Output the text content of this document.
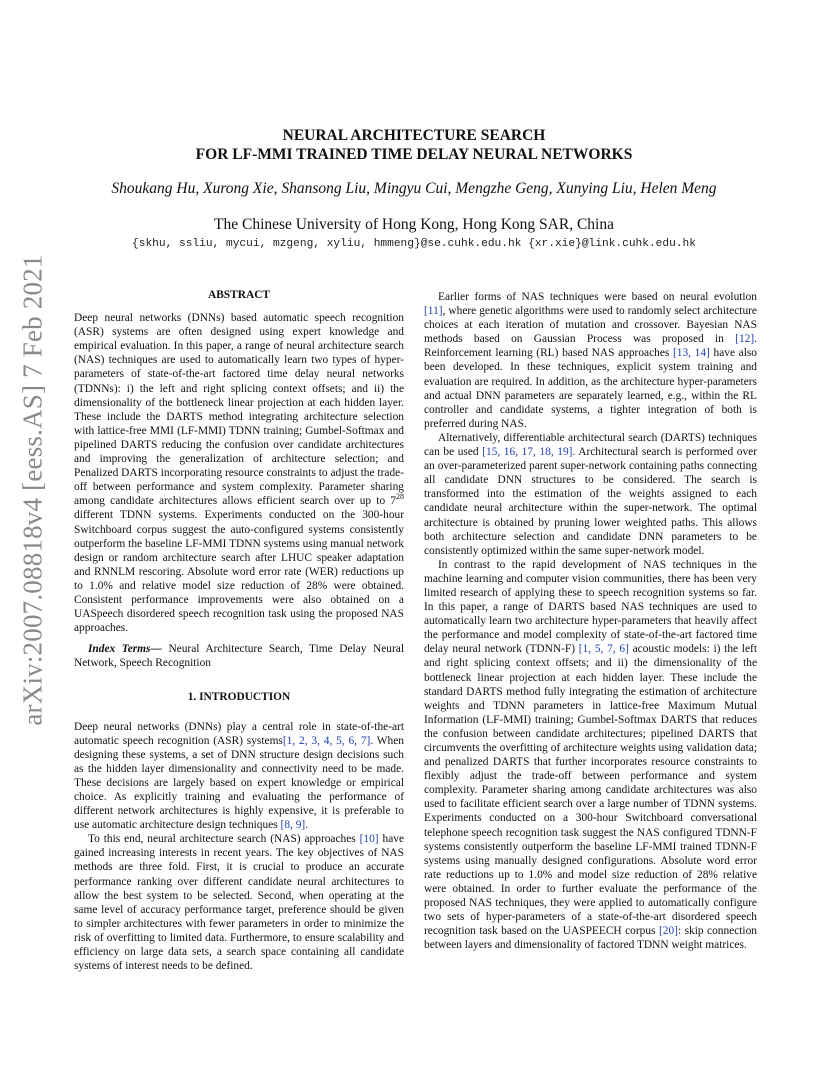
arXiv:2007.08818v4 [eess.AS] 7 Feb 2021
NEURAL ARCHITECTURE SEARCH
FOR LF-MMI TRAINED TIME DELAY NEURAL NETWORKS
Shoukang Hu, Xurong Xie, Shansong Liu, Mingyu Cui, Mengzhe Geng, Xunying Liu, Helen Meng
The Chinese University of Hong Kong, Hong Kong SAR, China
{skhu, ssliu, mycui, mzgeng, xyliu, hmmeng}@se.cuhk.edu.hk {xr.xie}@link.cuhk.edu.hk

ABSTRACT

Deep neural networks (DNNs) based automatic speech recognition (ASR) systems are often designed using expert knowledge and empirical evaluation. In this paper, a range of neural architecture search (NAS) techniques are used to automatically learn two types of hyper-parameters of state-of-the-art factored time delay neural networks (TDNNs): i) the left and right splicing context offsets; and ii) the dimensionality of the bottleneck linear projection at each hidden layer. These include the DARTS method integrating architecture selection with lattice-free MMI (LF-MMI) TDNN training; Gumbel-Softmax and pipelined DARTS reducing the confusion over candidate architectures and improving the generalization of architecture selection; and Penalized DARTS incorporating resource constraints to adjust the trade-off between performance and system complexity. Parameter sharing among candidate architectures allows efficient search over up to $7^{28}$ different TDNN systems. Experiments conducted on the 300-hour Switchboard corpus suggest the auto-configured systems consistently outperform the baseline LF-MMI TDNN systems using manual network design or random architecture search after LHUC speaker adaptation and RNNLM rescoring. Absolute word error rate (WER) reductions up to 1.0% and relative model size reduction of 28% were obtained. Consistent performance improvements were also obtained on a UASpeech disordered speech recognition task using the proposed NAS approaches.

Index Terms— Neural Architecture Search, Time Delay Neural Network, Speech Recognition

1. INTRODUCTION

Deep neural networks (DNNs) play a central role in state-of-the-art automatic speech recognition (ASR) systems[1, 2, 3, 4, 5, 6, 7]. When designing these systems, a set of DNN structure design decisions such as the hidden layer dimensionality and connectivity need to be made. These decisions are largely based on expert knowledge or empirical choice. As explicitly training and evaluating the performance of different network architectures is highly expensive, it is preferable to use automatic architecture design techniques [8, 9].

To this end, neural architecture search (NAS) approaches [10] have gained increasing interests in recent years. The key objectives of NAS methods are three fold. First, it is crucial to produce an accurate performance ranking over different candidate neural architectures to allow the best system to be selected. Second, when operating at the same level of accuracy performance target, preference should be given to simpler architectures with fewer parameters in order to minimize the risk of overfitting to limited data. Furthermore, to ensure scalability and efficiency on large data sets, a search space containing all candidate systems of interest needs to be defined.

Earlier forms of NAS techniques were based on neural evolution [11], where genetic algorithms were used to randomly select architecture choices at each iteration of mutation and crossover. Bayesian NAS methods based on Gaussian Process was proposed in [12]. Reinforcement learning (RL) based NAS approaches [13, 14] have also been developed. In these techniques, explicit system training and evaluation are required. In addition, as the architecture hyper-parameters and actual DNN parameters are separately learned, e.g., within the RL controller and candidate systems, a tighter integration of both is preferred during NAS.

Alternatively, differentiable architectural search (DARTS) techniques can be used [15, 16, 17, 18, 19]. Architectural search is performed over an over-parameterized parent super-network containing paths connecting all candidate DNN structures to be considered. The search is transformed into the estimation of the weights assigned to each candidate neural architecture within the super-network. The optimal architecture is obtained by pruning lower weighted paths. This allows both architecture selection and candidate DNN parameters to be consistently optimized within the same super-network model.

In contrast to the rapid development of NAS techniques in the machine learning and computer vision communities, there has been very limited research of applying these to speech recognition systems so far. In this paper, a range of DARTS based NAS techniques are used to automatically learn two architecture hyper-parameters that heavily affect the performance and model complexity of state-of-the-art factored time delay neural network (TDNN-F) [1, 5, 7, 6] acoustic models: i) the left and right splicing context offsets; and ii) the dimensionality of the bottleneck linear projection at each hidden layer. These include the standard DARTS method fully integrating the estimation of architecture weights and TDNN parameters in lattice-free Maximum Mutual Information (LF-MMI) training; Gumbel-Softmax DARTS that reduces the confusion between candidate architectures; pipelined DARTS that circumvents the overfitting of architecture weights using validation data; and penalized DARTS that further incorporates resource constraints to flexibly adjust the trade-off between performance and system complexity. Parameter sharing among candidate architectures was also used to facilitate efficient search over a large number of TDNN systems. Experiments conducted on a 300-hour Switchboard conversational telephone speech recognition task suggest the NAS configured TDNN-F systems consistently outperform the baseline LF-MMI trained TDNN-F systems using manually designed configurations. Absolute word error rate reductions up to 1.0% and model size reduction of 28% relative were obtained. In order to further evaluate the performance of the proposed NAS techniques, they were applied to automatically configure two sets of hyper-parameters of a state-of-the-art disordered speech recognition task based on the UASPEECH corpus [20]: skip connection between layers and dimensionality of factored TDNN weight matrices.
